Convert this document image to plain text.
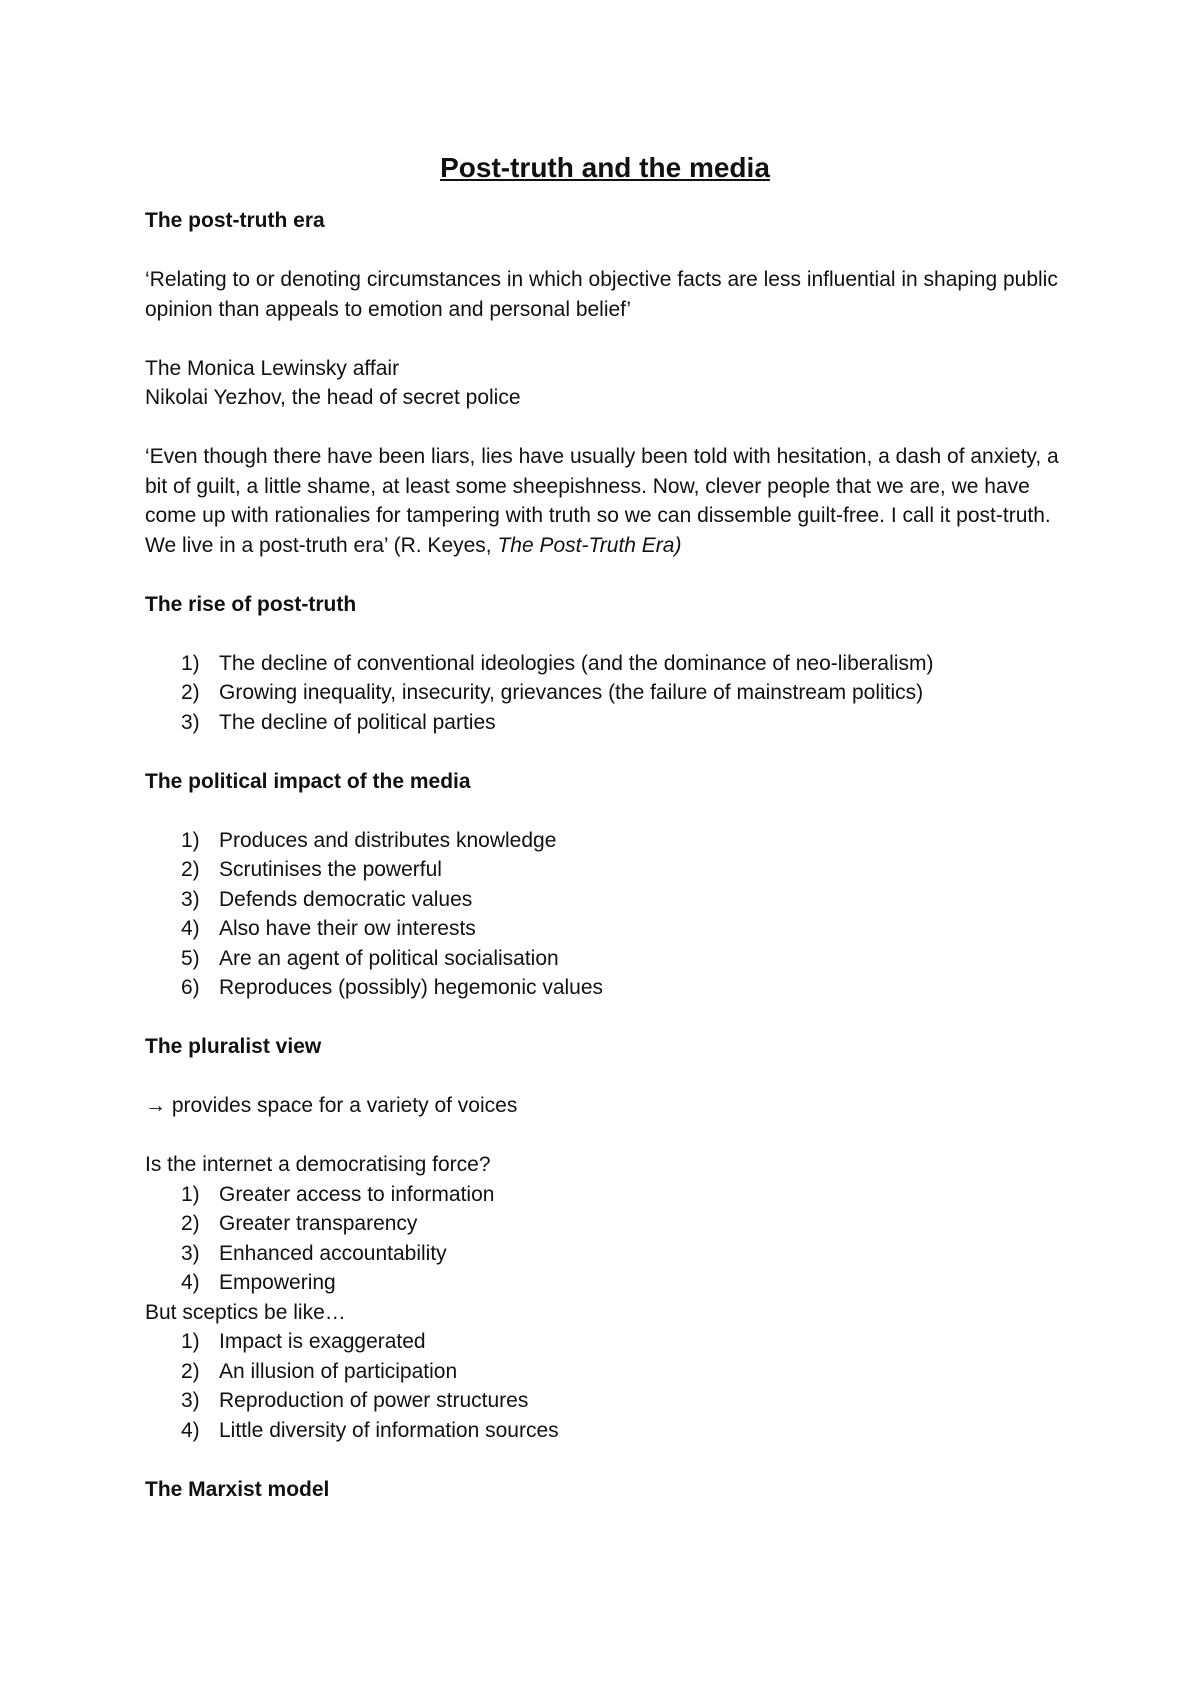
Post-truth and the media

The post-truth era

‘Relating to or denoting circumstances in which objective facts are less influential in shaping public opinion than appeals to emotion and personal belief’

The Monica Lewinsky affair

Nikolai Yezhov, the head of secret police

‘Even though there have been liars, lies have usually been told with hesitation, a dash of anxiety, a bit of guilt, a little shame, at least some sheepishness. Now, clever people that we are, we have come up with rationalies for tampering with truth so we can dissemble guilt-free. I call it post-truth. We live in a post-truth era’ (R. Keyes, The Post-Truth Era)

The rise of post-truth

1) The decline of conventional ideologies (and the dominance of neo-liberalism)
2) Growing inequality, insecurity, grievances (the failure of mainstream politics)
3) The decline of political parties

The political impact of the media

1) Produces and distributes knowledge
2) Scrutinises the powerful
3) Defends democratic values
4) Also have their ow interests
5) Are an agent of political socialisation
6) Reproduces (possibly) hegemonic values

The pluralist view

→ provides space for a variety of voices

Is the internet a democratising force?

1) Greater access to information
2) Greater transparency
3) Enhanced accountability
4) Empowering

But sceptics be like…

1) Impact is exaggerated
2) An illusion of participation
3) Reproduction of power structures
4) Little diversity of information sources

The Marxist model
